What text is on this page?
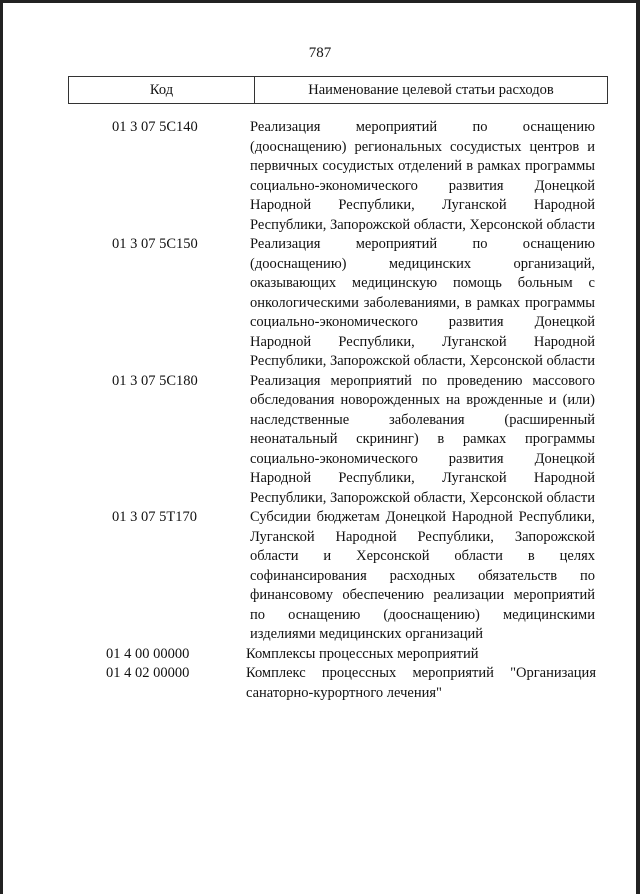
787
Код	Наименование целевой статьи расходов
01 3 07 5С140	Реализация мероприятий по оснащению (дооснащению) региональных сосудистых центров и первичных сосудистых отделений в рамках программы социально-экономического развития Донецкой Народной Республики, Луганской Народной Республики, Запорожской области, Херсонской области
01 3 07 5С150	Реализация мероприятий по оснащению (дооснащению) медицинских организаций, оказывающих медицинскую помощь больным с онкологическими заболеваниями, в рамках программы социально-экономического развития Донецкой Народной Республики, Луганской Народной Республики, Запорожской области, Херсонской области
01 3 07 5С180	Реализация мероприятий по проведению массового обследования новорожденных на врожденные и (или) наследственные заболевания (расширенный неонатальный скрининг) в рамках программы социально-экономического развития Донецкой Народной Республики, Луганской Народной Республики, Запорожской области, Херсонской области
01 3 07 5Т170	Субсидии бюджетам Донецкой Народной Республики, Луганской Народной Республики, Запорожской области и Херсонской области в целях софинансирования расходных обязательств по финансовому обеспечению реализации мероприятий по оснащению (дооснащению) медицинскими изделиями медицинских организаций
01 4 00 00000	Комплексы процессных мероприятий
01 4 02 00000	Комплекс процессных мероприятий "Организация санаторно-курортного лечения"
